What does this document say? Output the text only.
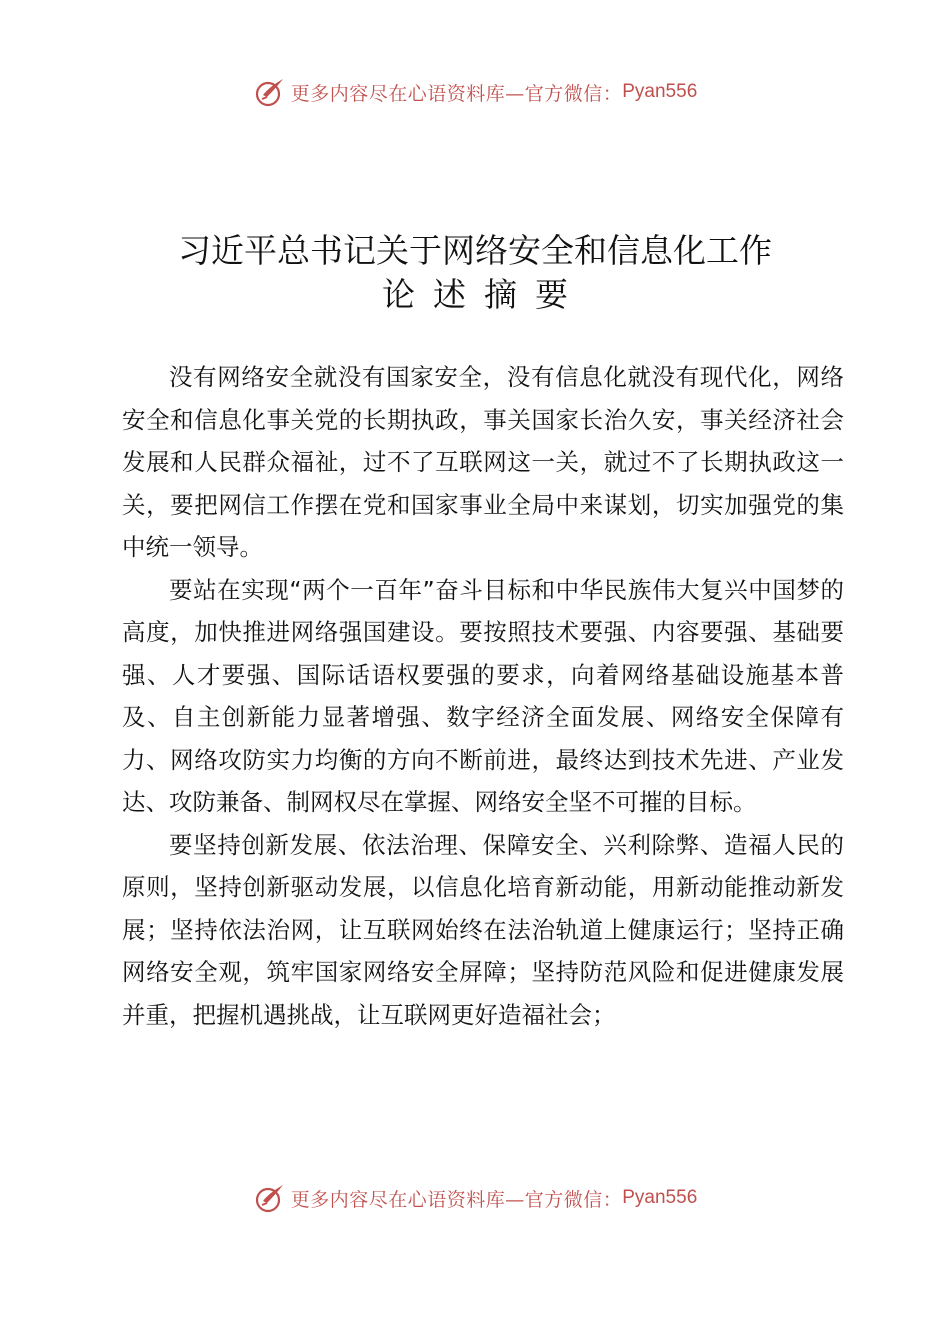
更多内容尽在心语资料库—官方微信： Pyan556
习近平总书记关于网络安全和信息化工作
论述摘要

没有网络安全就没有国家安全，没有信息化就没有现代化，网络安全和信息化事关党的长期执政，事关国家长治久安，事关经济社会发展和人民群众福祉，过不了互联网这一关，就过不了长期执政这一关，要把网信工作摆在党和国家事业全局中来谋划，切实加强党的集中统一领导。

要站在实现“两个一百年”奋斗目标和中华民族伟大复兴中国梦的高度，加快推进网络强国建设。要按照技术要强、内容要强、基础要强、人才要强、国际话语权要强的要求，向着网络基础设施基本普及、自主创新能力显著增强、数字经济全面发展、网络安全保障有力、网络攻防实力均衡的方向不断前进，最终达到技术先进、产业发达、攻防兼备、制网权尽在掌握、网络安全坚不可摧的目标。

要坚持创新发展、依法治理、保障安全、兴利除弊、造福人民的原则，坚持创新驱动发展，以信息化培育新动能，用新动能推动新发展；坚持依法治网，让互联网始终在法治轨道上健康运行；坚持正确网络安全观，筑牢国家网络安全屏障；坚持防范风险和促进健康发展并重，把握机遇挑战，让互联网更好造福社会；

更多内容尽在心语资料库—官方微信： Pyan556
